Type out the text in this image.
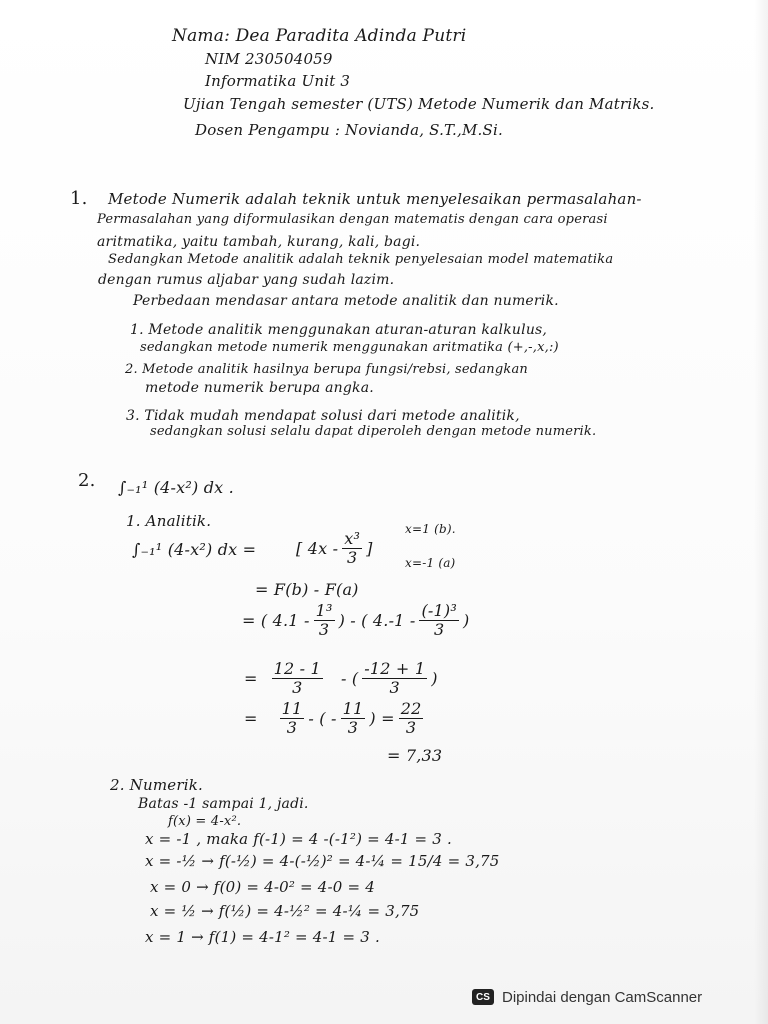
Nama: Dea Paradita Adinda Putri
NIM 230504059
Informatika Unit 3
Ujian Tengah semester (UTS) Metode Numerik dan Matriks.
Dosen Pengampu : Novianda, S.T.,M.Si.
1. Metode Numerik adalah teknik untuk menyelesaikan permasalahan-
Permasalahan yang diformulasikan dengan matematis dengan cara operasi
aritmatika, yaitu tambah, kurang, kali, bagi.
Sedangkan Metode analitik adalah teknik penyelesaian model matematika
dengan rumus aljabar yang sudah lazim.
Perbedaan mendasar antara metode analitik dan numerik.
1. Metode analitik menggunakan aturan-aturan kalkulus,
sedangkan metode numerik menggunakan aritmatika (+,-,x,:)
2. Metode analitik hasilnya berupa fungsi/rebsi, sedangkan
metode numerik berupa angka.
3. Tidak mudah mendapat solusi dari metode analitik,
sedangkan solusi selalu dapat diperoleh dengan metode numerik.
2. ∫₋₁¹ (4-x²) dx .
1. Analitik.
∫₋₁¹ (4-x²) dx = [ $4x - \frac{\text{x³}}{3}$ ]
x=1 (b).
x=-1 (a)
= F(b) - F(a)
= ( $4.1 - \frac{\text{1³}}{3}$ ) - ( $4.-1 - \frac{\text{(-1)³}}{3}$ )
= $\frac{12 - 1}{3}$ - ( $\frac{-12 + 1}{3}$ )
= $\frac{11}{3}$ - ( - $\frac{11}{3}$ ) = $\frac{22}{3}$
= 7,33
2. Numerik.
Batas -1 sampai 1, jadi.
f(x) = 4-x².
x = -1 , maka f(-1) = 4 -(-1²) = 4-1 = 3 .
x = -½ → f(-½) = 4-(-½)² = 4-¼ = 15/4 = 3,75
x = 0 → f(0) = 4-0² = 4-0 = 4
x = ½ → f(½) = 4-½² = 4-¼ = 3,75
x = 1 → f(1) = 4-1² = 4-1 = 3 .
CS Dipindai dengan CamScanner
